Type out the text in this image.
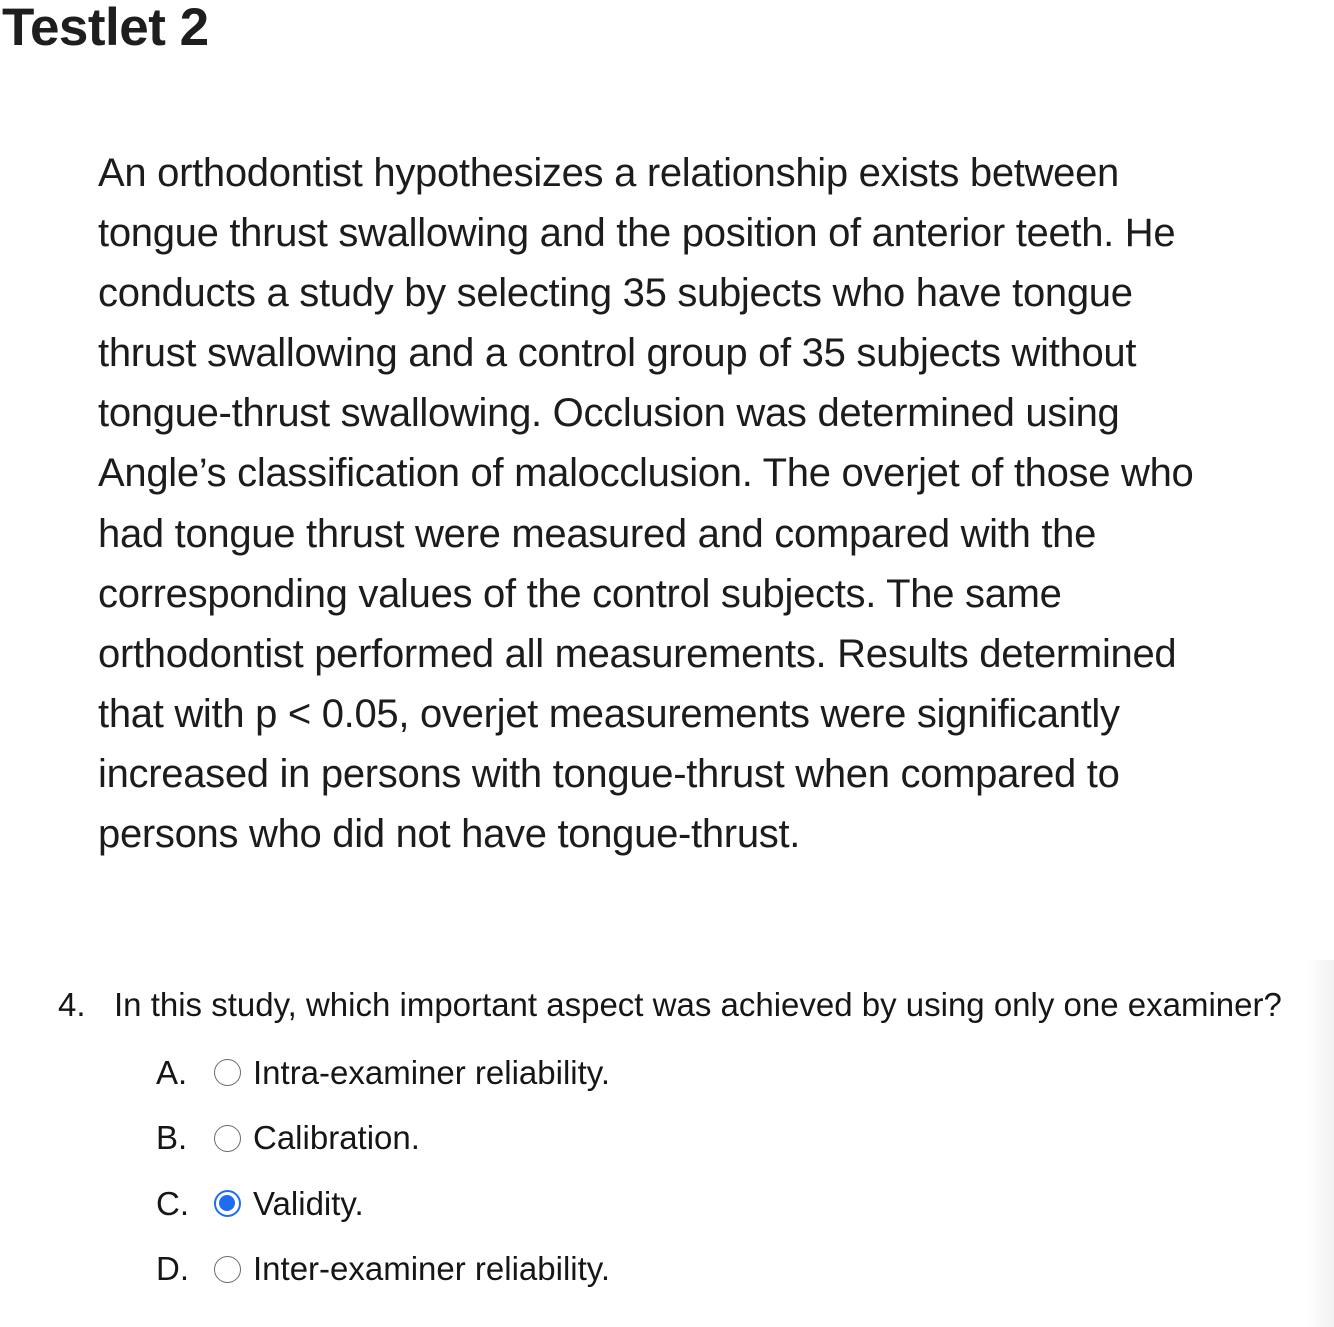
Testlet 2

An orthodontist hypothesizes a relationship exists between tongue thrust swallowing and the position of anterior teeth. He conducts a study by selecting 35 subjects who have tongue thrust swallowing and a control group of 35 subjects without tongue-thrust swallowing. Occlusion was determined using Angle’s classification of malocclusion. The overjet of those who had tongue thrust were measured and compared with the corresponding values of the control subjects. The same orthodontist performed all measurements. Results determined that with p < 0.05, overjet measurements were significantly increased in persons with tongue-thrust when compared to persons who did not have tongue-thrust.

4. In this study, which important aspect was achieved by using only one examiner?
A.	Intra-examiner reliability.
B.	Calibration.
C.	Validity.
D.	Inter-examiner reliability.
